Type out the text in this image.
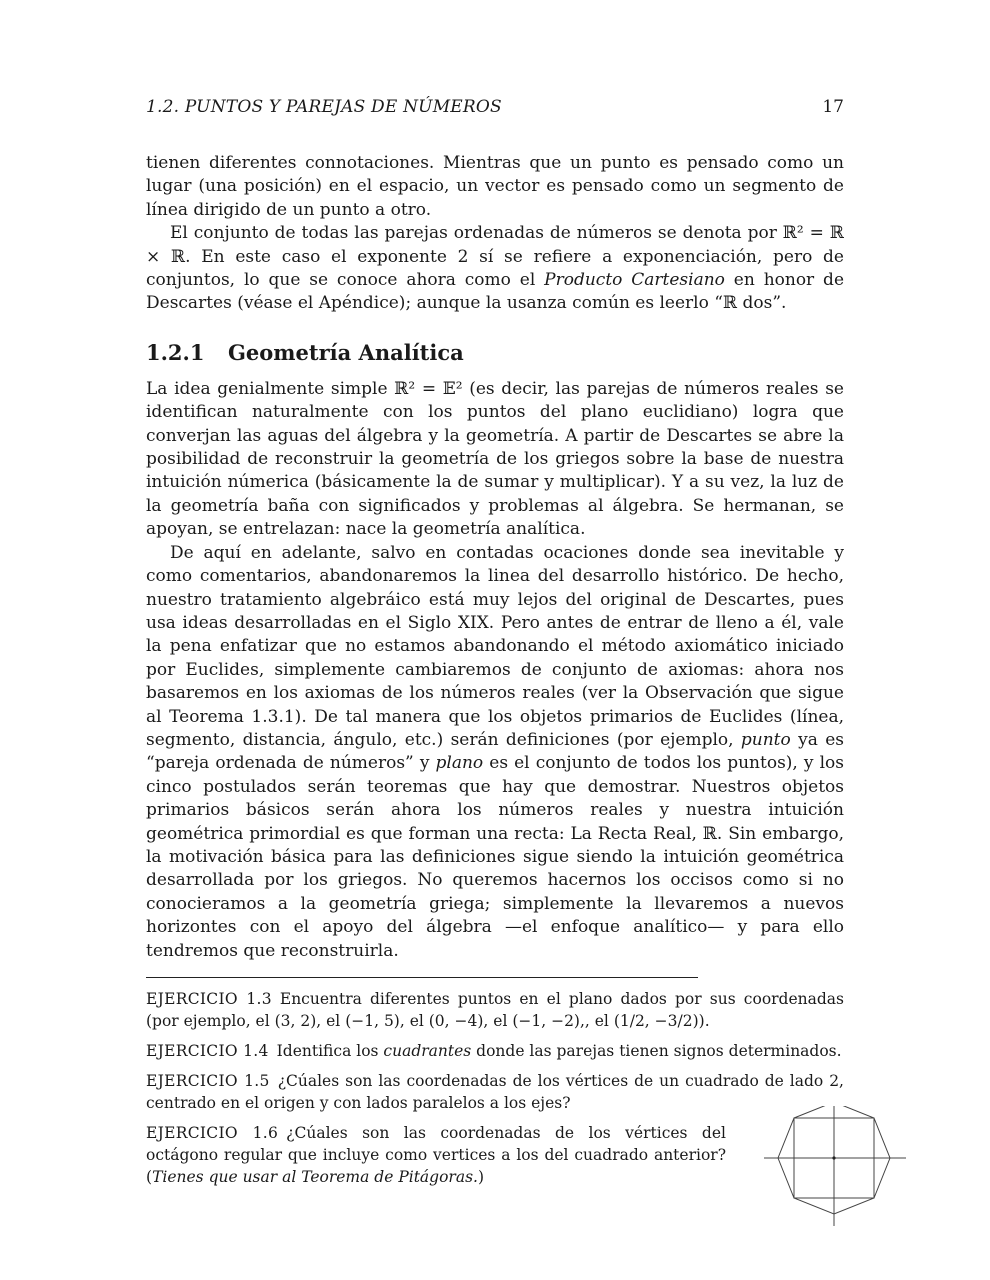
1.2. PUNTOS Y PAREJAS DE NÚMEROS	17

tienen diferentes connotaciones. Mientras que un punto es pensado como un lugar (una posición) en el espacio, un vector es pensado como un segmento de línea dirigido de un punto a otro.

El conjunto de todas las parejas ordenadas de números se denota por ℝ² = ℝ × ℝ. En este caso el exponente 2 sí se refiere a exponenciación, pero de conjuntos, lo que se conoce ahora como el Producto Cartesiano en honor de Descartes (véase el Apéndice); aunque la usanza común es leerlo “ℝ dos”.

1.2.1 Geometría Analítica

La idea genialmente simple ℝ² = 𝔼² (es decir, las parejas de números reales se identifican naturalmente con los puntos del plano euclidiano) logra que converjan las aguas del álgebra y la geometría. A partir de Descartes se abre la posibilidad de reconstruir la geometría de los griegos sobre la base de nuestra intuición númerica (básicamente la de sumar y multiplicar). Y a su vez, la luz de la geometría baña con significados y problemas al álgebra. Se hermanan, se apoyan, se entrelazan: nace la geometría analítica.

De aquí en adelante, salvo en contadas ocaciones donde sea inevitable y como comentarios, abandonaremos la linea del desarrollo histórico. De hecho, nuestro tratamiento algebráico está muy lejos del original de Descartes, pues usa ideas desarrolladas en el Siglo XIX. Pero antes de entrar de lleno a él, vale la pena enfatizar que no estamos abandonando el método axiomático iniciado por Euclides, simplemente cambiaremos de conjunto de axiomas: ahora nos basaremos en los axiomas de los números reales (ver la Observación que sigue al Teorema 1.3.1). De tal manera que los objetos primarios de Euclides (línea, segmento, distancia, ángulo, etc.) serán definiciones (por ejemplo, punto ya es “pareja ordenada de números” y plano es el conjunto de todos los puntos), y los cinco postulados serán teoremas que hay que demostrar. Nuestros objetos primarios básicos serán ahora los números reales y nuestra intuición geométrica primordial es que forman una recta: La Recta Real, ℝ. Sin embargo, la motivación básica para las definiciones sigue siendo la intuición geométrica desarrollada por los griegos. No queremos hacernos los occisos como si no conocieramos a la geometría griega; simplemente la llevaremos a nuevos horizontes con el apoyo del álgebra —el enfoque analítico— y para ello tendremos que reconstruirla.

EJERCICIO 1.3 Encuentra diferentes puntos en el plano dados por sus coordenadas (por ejemplo, el (3, 2), el (−1, 5), el (0, −4), el (−1, −2),, el (1/2, −3/2)).

EJERCICIO 1.4 Identifica los cuadrantes donde las parejas tienen signos determinados.

EJERCICIO 1.5 ¿Cúales son las coordenadas de los vértices de un cuadrado de lado 2, centrado en el origen y con lados paralelos a los ejes?

EJERCICIO 1.6 ¿Cúales son las coordenadas de los vértices del octágono regular que incluye como vertices a los del cuadrado anterior? (Tienes que usar al Teorema de Pitágoras.)
